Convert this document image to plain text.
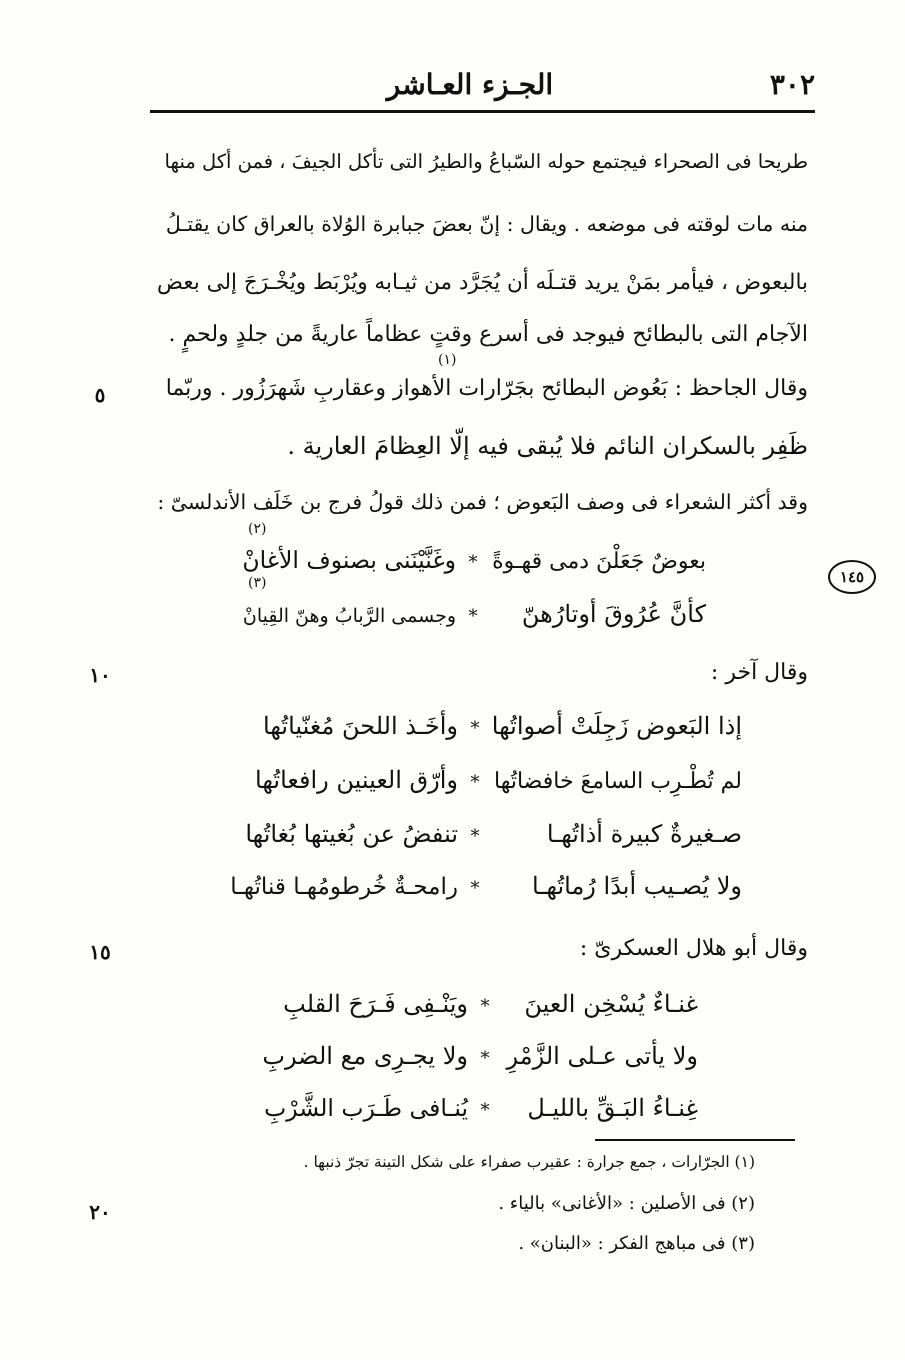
٣٠٢
الجـزء العـاشر
طريحا فى الصحراء فيجتمع حوله السّباعُ والطيرُ التى تأكل الجيفَ ، فمن أكل منها
منه مات لوقته فى موضعه . ويقال : إنّ بعضَ جبابرة الوُلاة بالعراق كان يقتـلُ
بالبعوض ، فيأمر بمَنْ يريد قتـلَه أن يُجَرَّد من ثيـابه ويُرْبَط ويُخْـرَجَ إلى بعض
الآجام التى بالبطائح فيوجد فى أسرع وقتٍ عظاماً عاريةً من جلدٍ ولحمٍ .
(١)
وقال الجاحظ : بَعُوض البطائح بجَرّارات الأهواز وعقاربِ شَهرَزُور . وربّما
ظَفِر بالسكران النائم فلا يُبقى فيه إلّا العِظامَ العارية .
وقد أكثر الشعراء فى وصف البَعوض ؛ فمن ذلك قولُ فرج بن خَلَف الأندلسىّ :
(٢)
بعوضٌ جَعَلْنَ دمى قهـوةً
*
وغَنَّيْنَنى بصنوف الأغانْ
(٣)
كأنَّ عُرُوقَ أوتارُهنّ
*
وجسمى الرَّبابُ وهنّ القِيانْ
وقال آخر :
إذا البَعوض زَجِلَتْ أصواتُها
*
وأخَـذ اللحنَ مُغنّياتُها
لم تُطْـرِب السامعَ خافضاتُها
*
وأرّق العينين رافعاتُها
صـغيرةٌ كبيرة أذاتُهـا
*
تنفضُ عن بُغيتها بُغاتُها
ولا يُصـيب أبدًا رُماتُهـا
*
رامحـةٌ خُرطومُهـا قناتُهـا
وقال أبو هلال العسكرىّ :
غنـاءٌ يُسْخِن العينَ
*
ويَنْـفِى فَـرَحَ القلبِ
ولا يأتى عـلى الزَّمْرِ
*
ولا يجـرِى مع الضربِ
غِنـاءُ البَـقِّ بالليـل
*
يُنـافى طَـرَب الشَّرْبِ
٥
١٠
١٥
٢٠
١٤٥
(١) الجرّارات ، جمع جرارة : عقيرب صفراء على شكل التينة تجرّ ذنبها .
(٢) فى الأصلين : «الأغانى» بالياء .
(٣) فى مباهج الفكر : «البنان» .
